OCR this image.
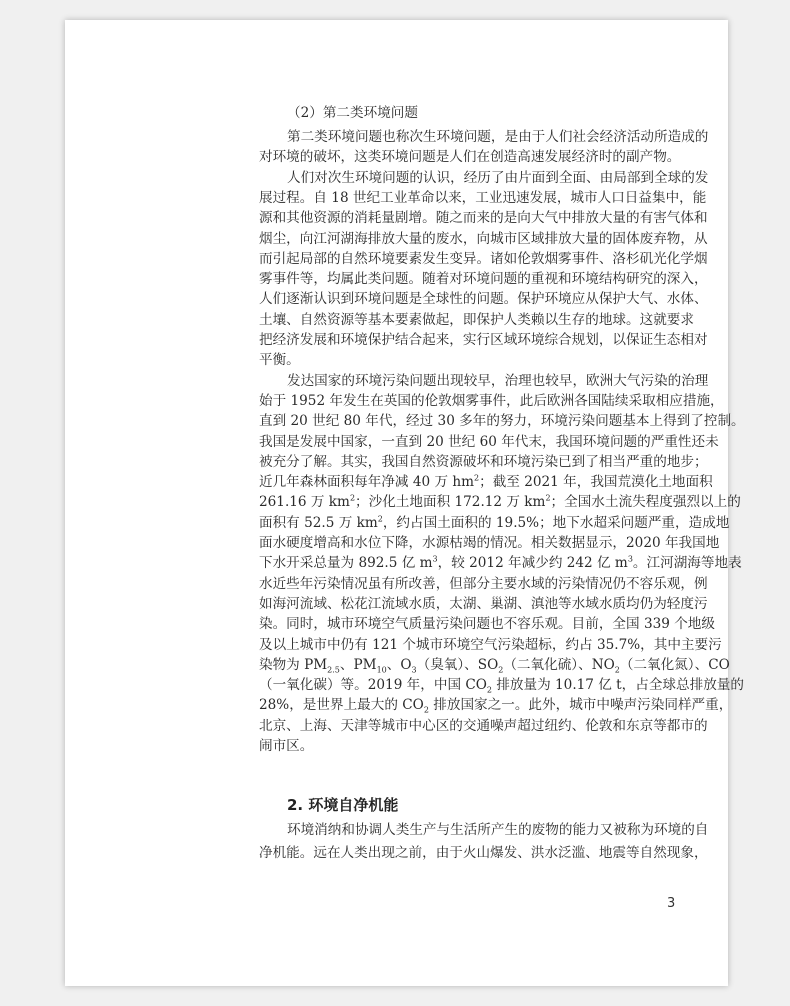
（2）第二类环境问题
第二类环境问题也称次生环境问题，是由于人们社会经济活动所造成的
对环境的破坏，这类环境问题是人们在创造高速发展经济时的副产物。
人们对次生环境问题的认识，经历了由片面到全面、由局部到全球的发
展过程。自 18 世纪工业革命以来，工业迅速发展，城市人口日益集中，能
源和其他资源的消耗量剧增。随之而来的是向大气中排放大量的有害气体和
烟尘，向江河湖海排放大量的废水，向城市区域排放大量的固体废弃物，从
而引起局部的自然环境要素发生变异。诸如伦敦烟雾事件、洛杉矶光化学烟
雾事件等，均属此类问题。随着对环境问题的重视和环境结构研究的深入，
人们逐渐认识到环境问题是全球性的问题。保护环境应从保护大气、水体、
土壤、自然资源等基本要素做起，即保护人类赖以生存的地球。这就要求
把经济发展和环境保护结合起来，实行区域环境综合规划，以保证生态相对
平衡。
发达国家的环境污染问题出现较早，治理也较早，欧洲大气污染的治理
始于 1952 年发生在英国的伦敦烟雾事件，此后欧洲各国陆续采取相应措施，
直到 20 世纪 80 年代，经过 30 多年的努力，环境污染问题基本上得到了控制。
我国是发展中国家，一直到 20 世纪 60 年代末，我国环境问题的严重性还未
被充分了解。其实，我国自然资源破坏和环境污染已到了相当严重的地步；
近几年森林面积每年净减 40 万 $hm^2$；截至 2021 年，我国荒漠化土地面积
261.16 万 $km^2$；沙化土地面积 172.12 万 $km^2$；全国水土流失程度强烈以上的
面积有 52.5 万 $km^2$，约占国土面积的 19.5%；地下水超采问题严重，造成地
面水硬度增高和水位下降，水源枯竭的情况。相关数据显示，2020 年我国地
下水开采总量为 892.5 亿 $m^3$，较 2012 年减少约 242 亿 $m^3$。江河湖海等地表
水近些年污染情况虽有所改善，但部分主要水域的污染情况仍不容乐观，例
如海河流域、松花江流域水质，太湖、巢湖、滇池等水域水质均仍为轻度污
染。同时，城市环境空气质量污染问题也不容乐观。目前，全国 339 个地级
及以上城市中仍有 121 个城市环境空气污染超标，约占 35.7%，其中主要污
染物为 $PM_{2.5}$、$PM_{10}$、$O_3$（臭氧）、$SO_2$（二氧化硫）、$NO_2$（二氧化氮）、CO
（一氧化碳）等。2019 年，中国 $CO_2$ 排放量为 10.17 亿 t，占全球总排放量的
28%，是世界上最大的 $CO_2$ 排放国家之一。此外，城市中噪声污染同样严重，
北京、上海、天津等城市中心区的交通噪声超过纽约、伦敦和东京等都市的
闹市区。
2. 环境自净机能
环境消纳和协调人类生产与生活所产生的废物的能力又被称为环境的自
净机能。远在人类出现之前，由于火山爆发、洪水泛滥、地震等自然现象，
3
